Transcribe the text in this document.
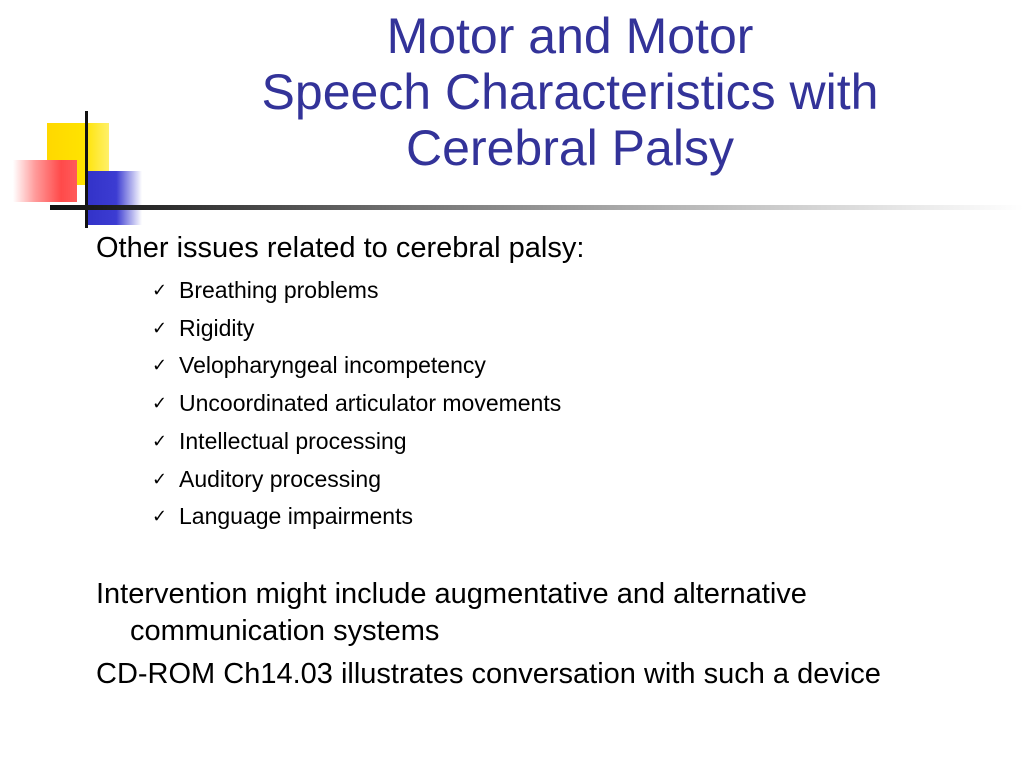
Motor and Motor
Speech Characteristics with
Cerebral Palsy

Other issues related to cerebral palsy:

✓ Breathing problems
✓ Rigidity
✓ Velopharyngeal incompetency
✓ Uncoordinated articulator movements
✓ Intellectual processing
✓ Auditory processing
✓ Language impairments

Intervention might include augmentative and alternative communication systems

CD-ROM Ch14.03 illustrates conversation with such a device
